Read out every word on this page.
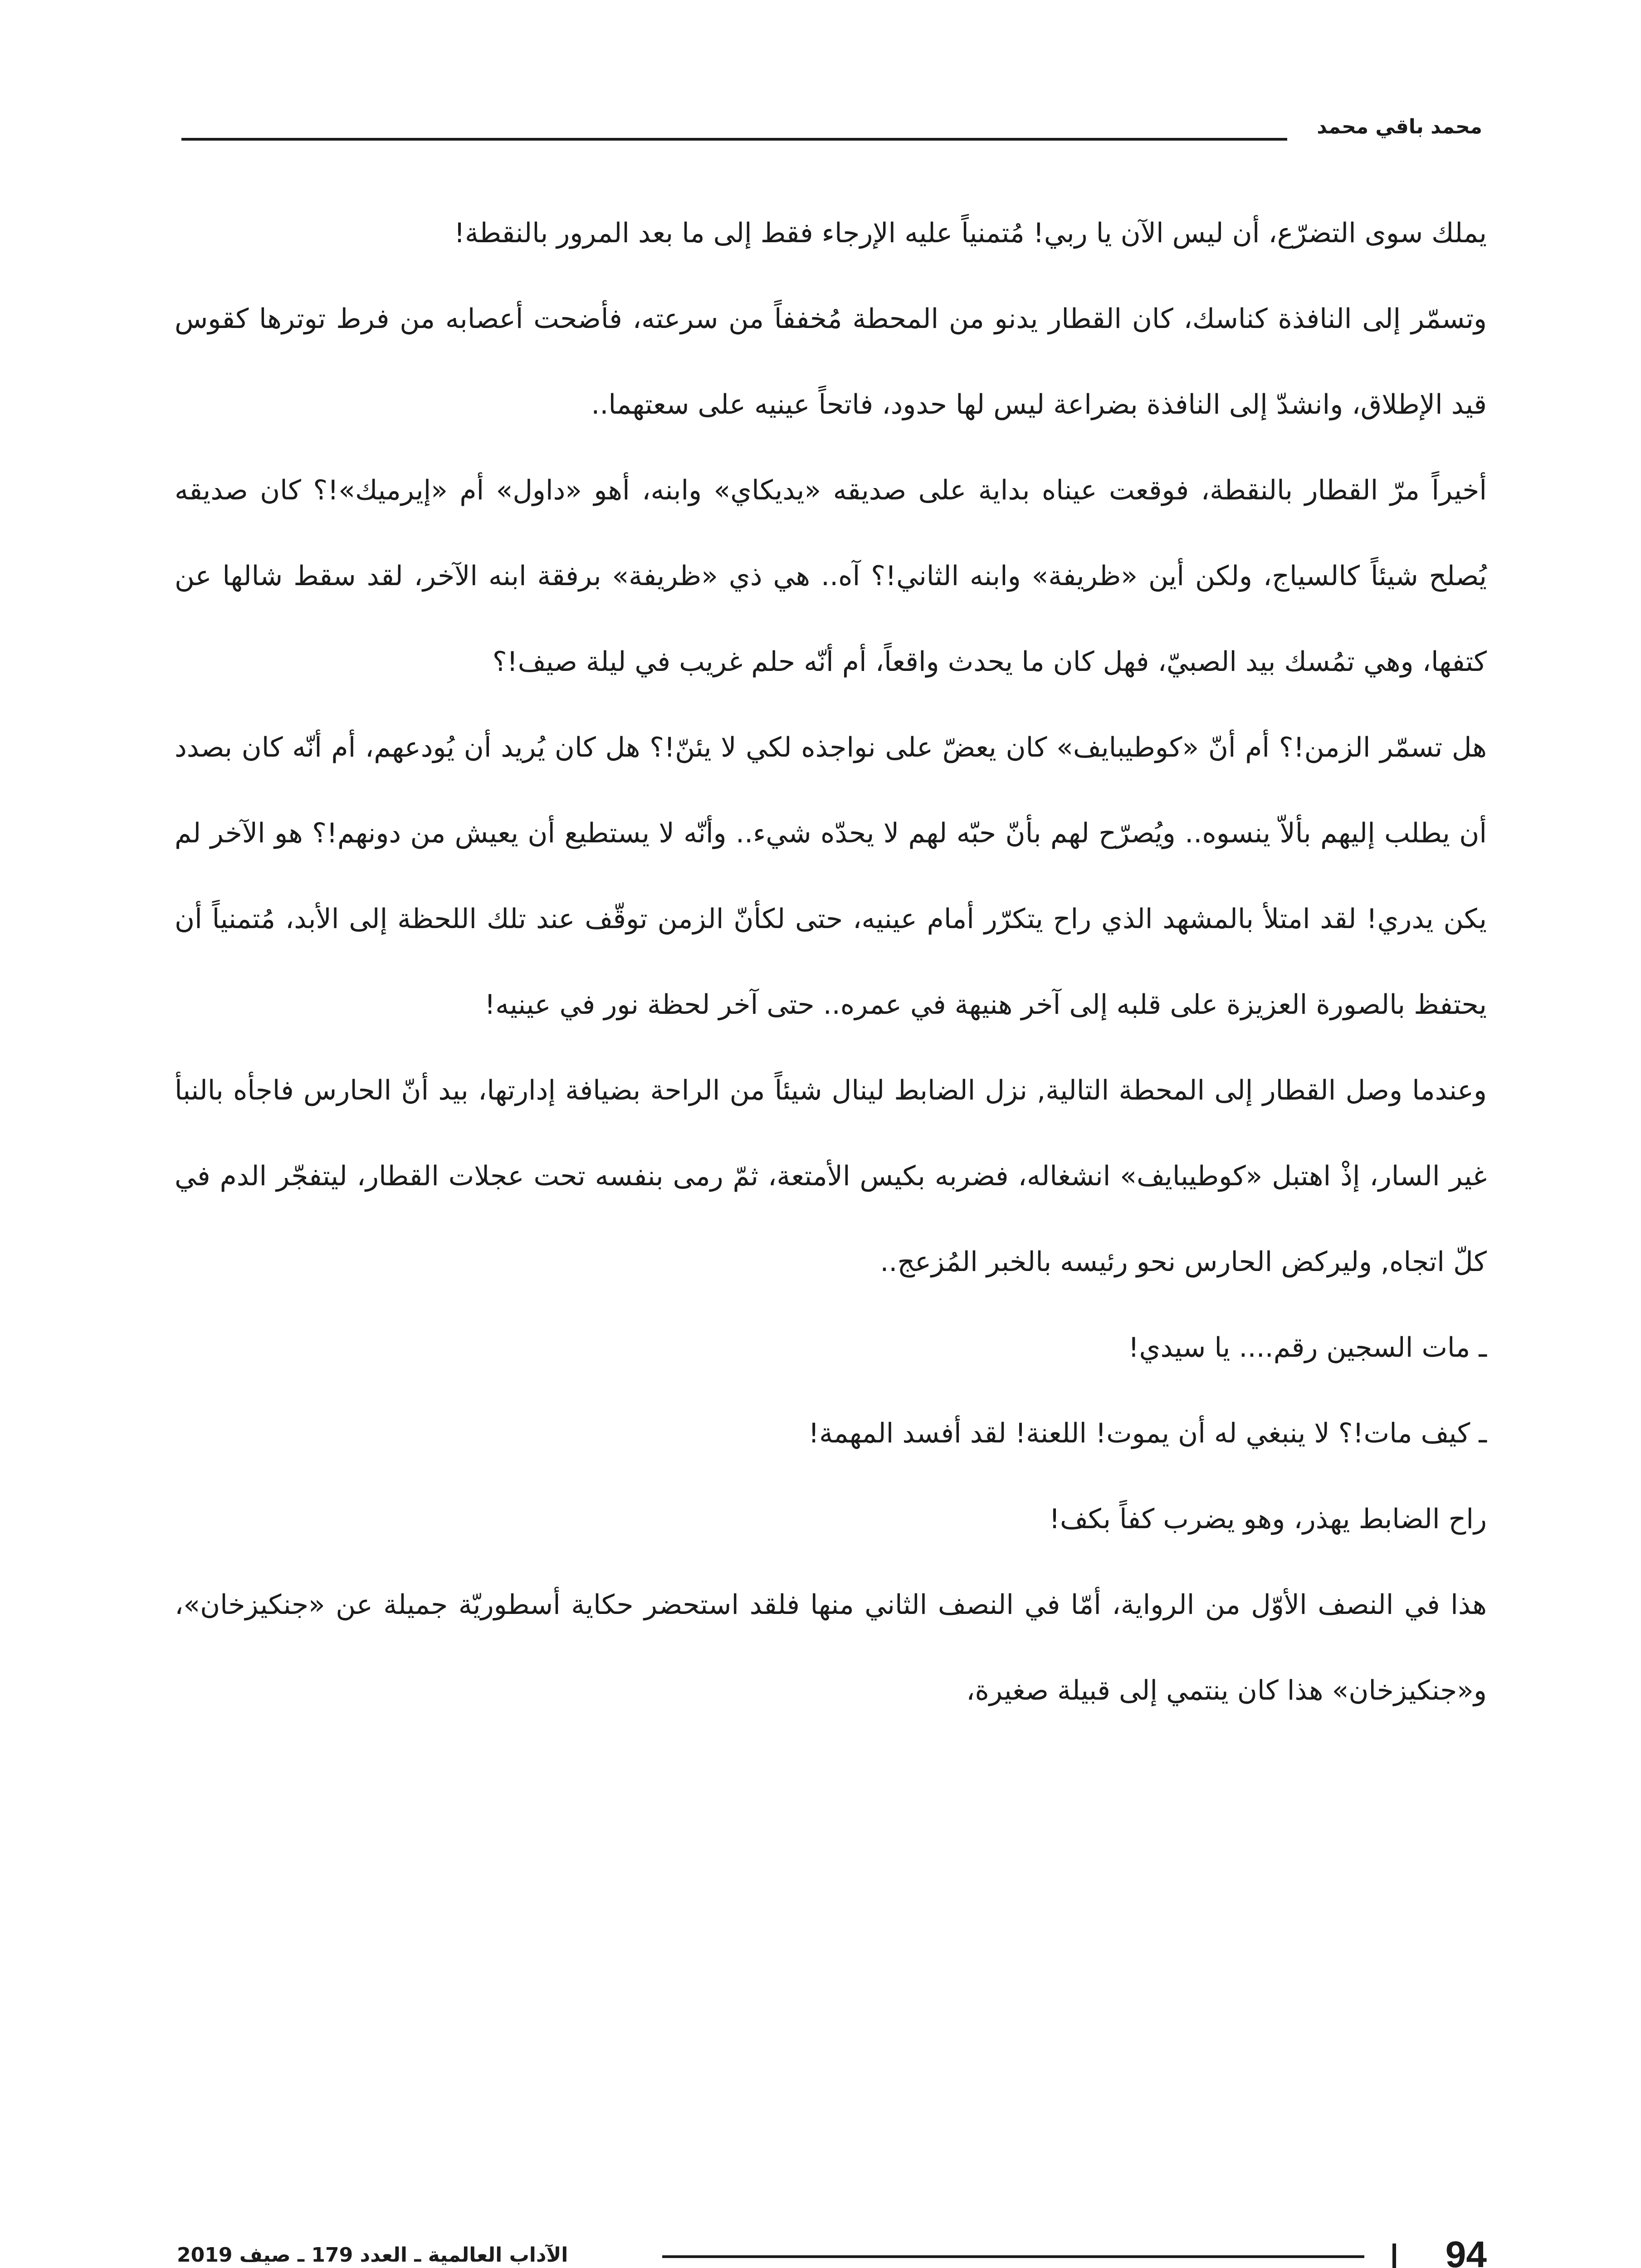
محمد باقي محمد

يملك سوى التضرّع، أن ليس الآن يا ربي! مُتمنياً عليه الإرجاء فقط إلى ما بعد المرور بالنقطة!

وتسمّر إلى النافذة كناسك، كان القطار يدنو من المحطة مُخففاً من سرعته، فأضحت أعصابه من فرط توترها كقوس قيد الإطلاق، وانشدّ إلى النافذة بضراعة ليس لها حدود، فاتحاً عينيه على سعتهما..

أخيراً مرّ القطار بالنقطة، فوقعت عيناه بداية على صديقه «يديكاي» وابنه، أهو «داول» أم «إيرميك»!؟ كان صديقه يُصلح شيئاً كالسياج، ولكن أين «ظريفة» وابنه الثاني!؟ آه.. هي ذي «ظريفة» برفقة ابنه الآخر، لقد سقط شالها عن كتفها، وهي تمُسك بيد الصبيّ، فهل كان ما يحدث واقعاً، أم أنّه حلم غريب في ليلة صيف!؟

هل تسمّر الزمن!؟ أم أنّ «كوطيبايف» كان يعضّ على نواجذه لكي لا يئنّ!؟ هل كان يُريد أن يُودعهم، أم أنّه كان بصدد أن يطلب إليهم بألاّ ينسوه.. ويُصرّح لهم بأنّ حبّه لهم لا يحدّه شيء.. وأنّه لا يستطيع أن يعيش من دونهم!؟ هو الآخر لم يكن يدري! لقد امتلأ بالمشهد الذي راح يتكرّر أمام عينيه، حتى لكأنّ الزمن توقّف عند تلك اللحظة إلى الأبد، مُتمنياً أن يحتفظ بالصورة العزيزة على قلبه إلى آخر هنيهة في عمره.. حتى آخر لحظة نور في عينيه!

وعندما وصل القطار إلى المحطة التالية, نزل الضابط لينال شيئاً من الراحة بضيافة إدارتها، بيد أنّ الحارس فاجأه بالنبأ غير السار، إذْ اهتبل «كوطيبايف» انشغاله، فضربه بكيس الأمتعة، ثمّ رمى بنفسه تحت عجلات القطار، ليتفجّر الدم في كلّ اتجاه, وليركض الحارس نحو رئيسه بالخبر المُزعج..

ـ مات السجين رقم.... يا سيدي!

ـ كيف مات!؟ لا ينبغي له أن يموت! اللعنة! لقد أفسد المهمة!

راح الضابط يهذر، وهو يضرب كفاً بكف!

هذا في النصف الأوّل من الرواية، أمّا في النصف الثاني منها فلقد استحضر حكاية أسطوريّة جميلة عن «جنكيزخان»، و«جنكيزخان» هذا كان ينتمي إلى قبيلة صغيرة،

الآداب العالمية ـ العدد 179 ـ صيف 2019	94
